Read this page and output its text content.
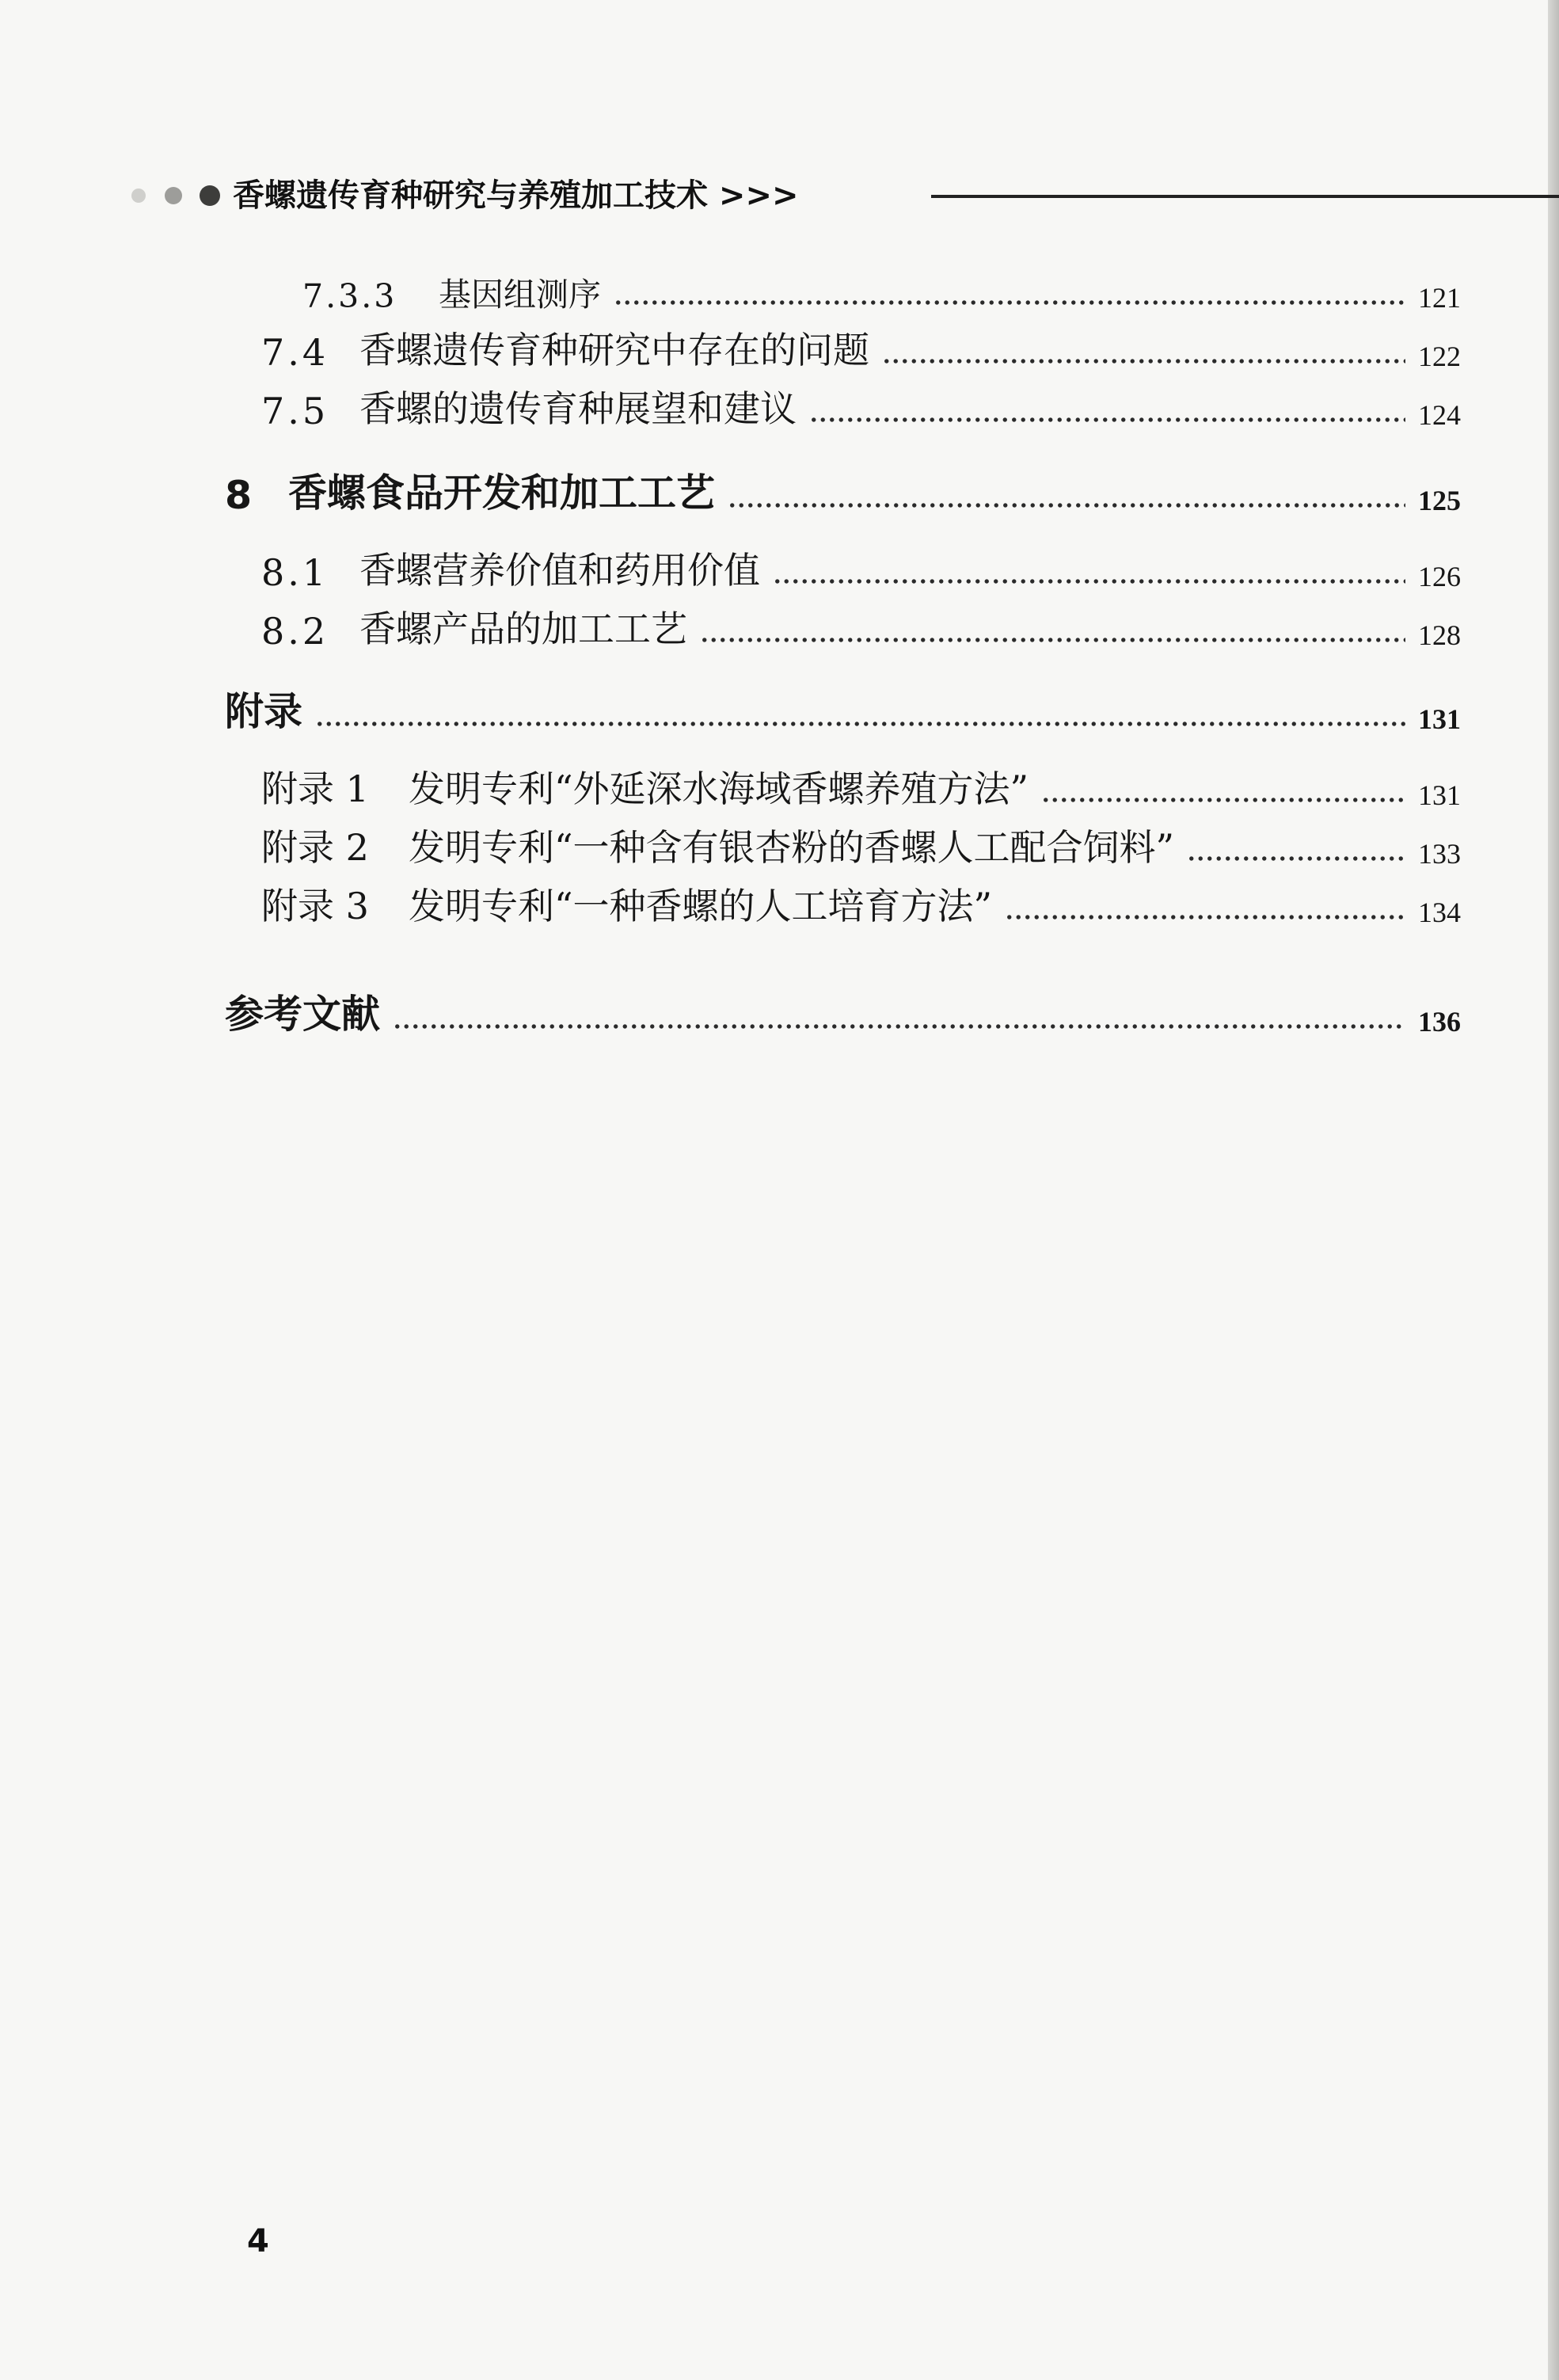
香螺遗传育种研究与养殖加工技术 >>>
7.3.3	基因组测序	121
7.4 香螺遗传育种研究中存在的问题	122
7.5 香螺的遗传育种展望和建议	124
8 香螺食品开发和加工工艺	125
8.1 香螺营养价值和药用价值	126
8.2 香螺产品的加工工艺	128
附录	131
附录 1	发明专利“外延深水海域香螺养殖方法”	131
附录 2	发明专利“一种含有银杏粉的香螺人工配合饲料”	133
附录 3	发明专利“一种香螺的人工培育方法”	134
参考文献	136
4
